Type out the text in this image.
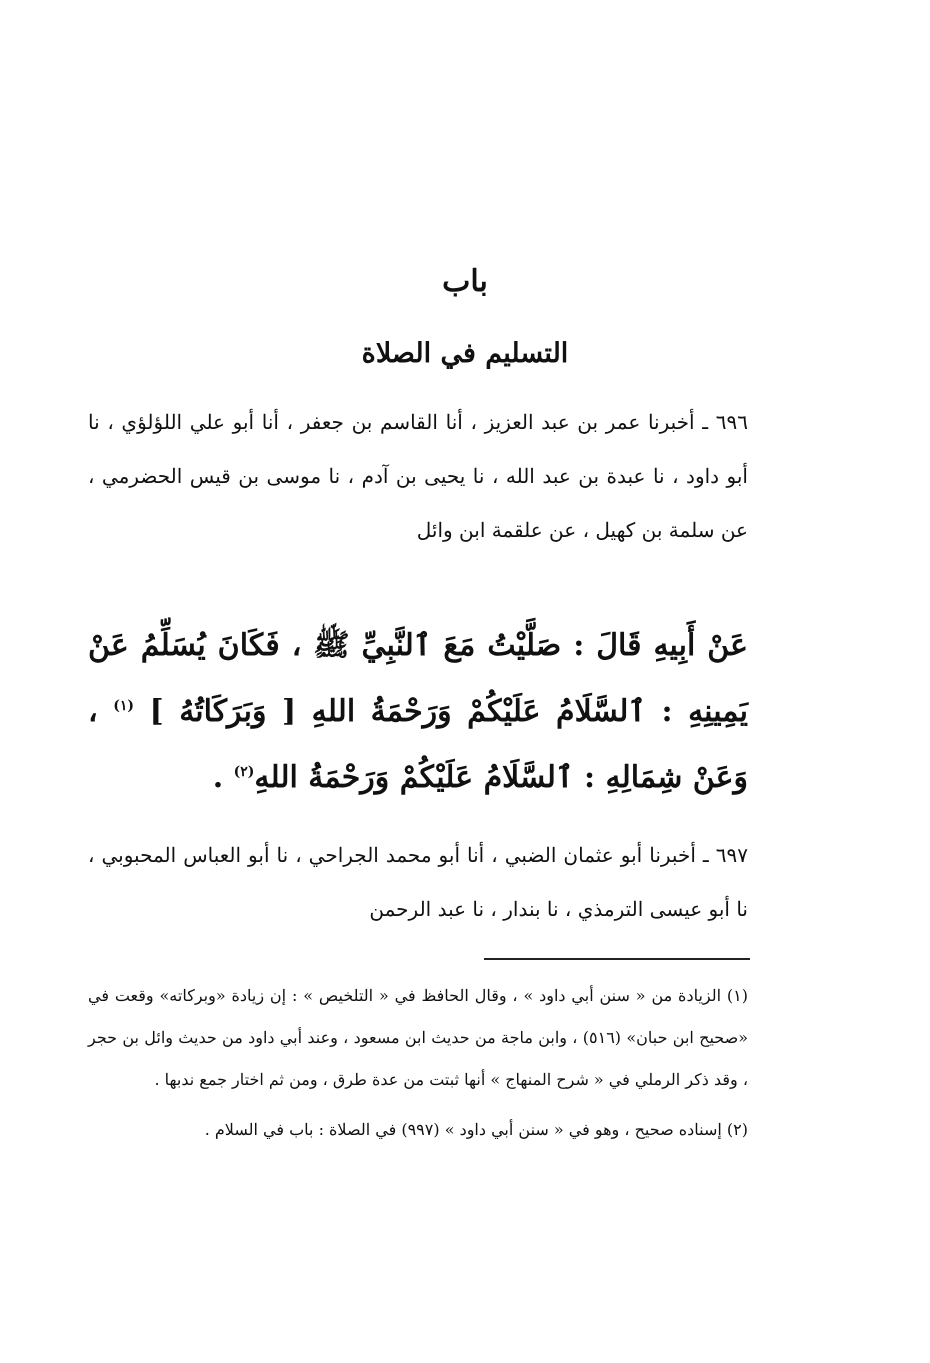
باب
التسليم في الصلاة

٦٩٦ ـ أخبرنا عمر بن عبد العزيز ، أنا القاسم بن جعفر ، أنا أبو علي اللؤلؤي ، نا أبو داود ، نا عبدة بن عبد الله ، نا يحيى بن آدم ، نا موسى بن قيس الحضرمي ، عن سلمة بن كهيل ، عن علقمة ابن وائل

عَنْ أَبِيهِ قَالَ : صَلَّيْتُ مَعَ ٱلنَّبِيِّ ﷺ ، فَكَانَ يُسَلِّمُ عَنْ يَمِينِهِ : ٱلسَّلَامُ عَلَيْكُمْ وَرَحْمَةُ اللهِ [ وَبَرَكَاتُهُ ] $^{(١)}$ ، وَعَنْ شِمَالِهِ : ٱلسَّلَامُ عَلَيْكُمْ وَرَحْمَةُ اللهِ$^{(٢)}$ .

٦٩٧ ـ أخبرنا أبو عثمان الضبي ، أنا أبو محمد الجراحي ، نا أبو العباس المحبوبي ، نا أبو عيسى الترمذي ، نا بندار ، نا عبد الرحمن

(١) الزيادة من « سنن أبي داود » ، وقال الحافظ في « التلخيص » : إن زيادة «وبركاته» وقعت في «صحيح ابن حبان» (٥١٦) ، وابن ماجة من حديث ابن مسعود ، وعند أبي داود من حديث وائل بن حجر ، وقد ذكر الرملي في « شرح المنهاج » أنها ثبتت من عدة طرق ، ومن ثم اختار جمع ندبها .

(٢) إسناده صحيح ، وهو في « سنن أبي داود » (٩٩٧) في الصلاة : باب في السلام .
